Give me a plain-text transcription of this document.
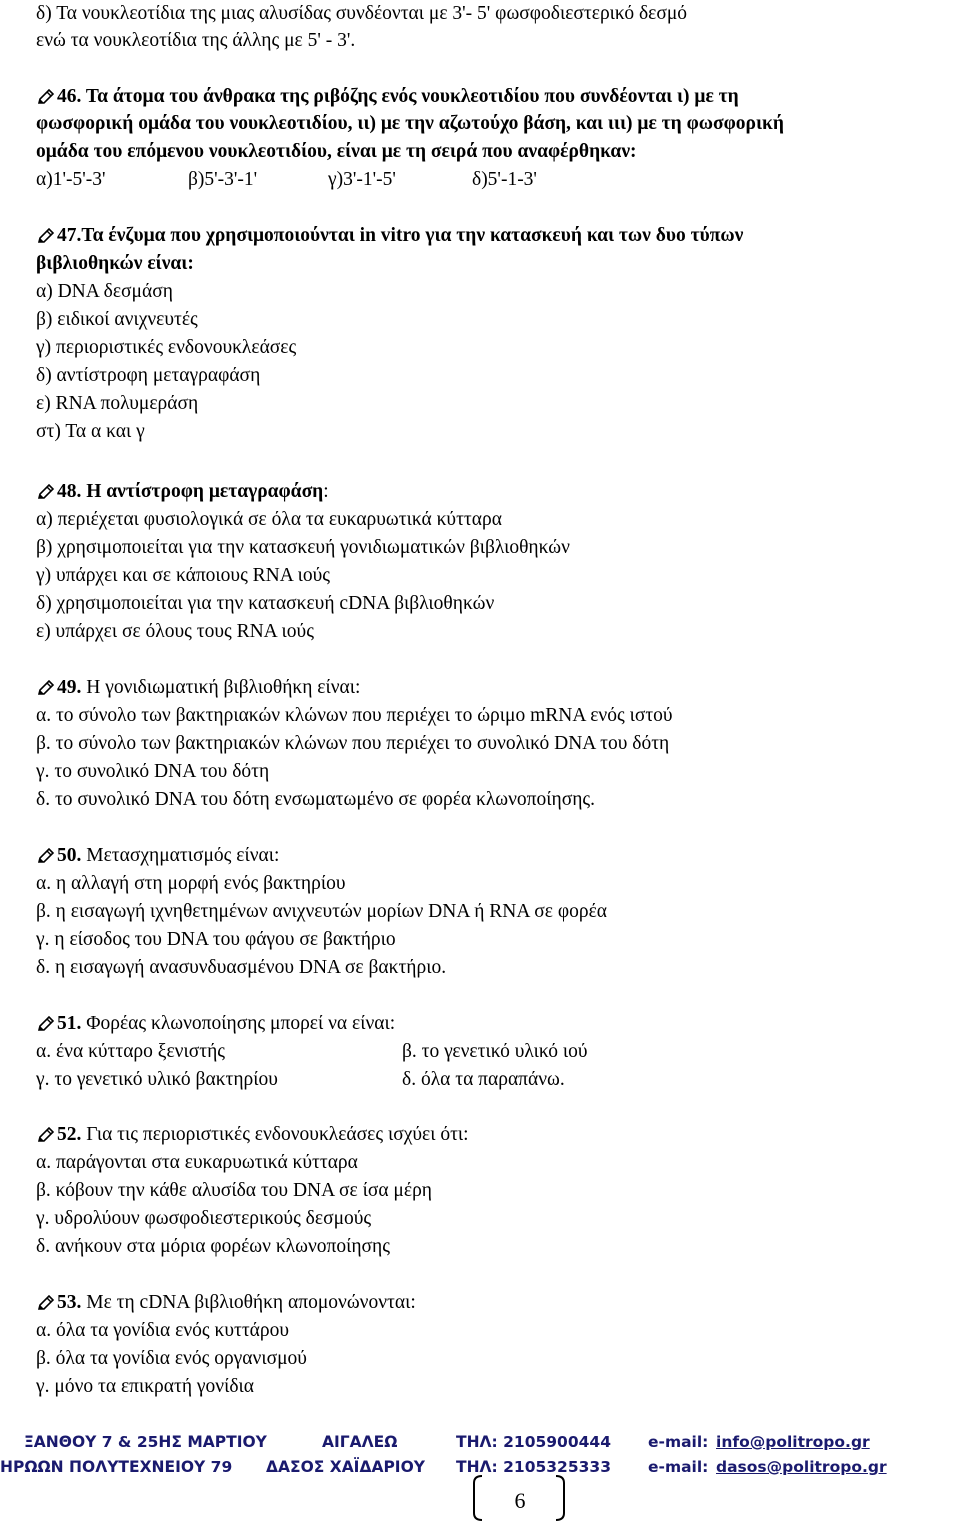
δ) Τα νουκλεοτίδια της μιας αλυσίδας συνδέονται με 3'- 5' φωσφοδιεστερικό δεσμό
ενώ τα νουκλεοτίδια της άλλης με 5' - 3'.
46. Τα άτομα του άνθρακα της ριβόζης ενός νουκλεοτιδίου που συνδέονται ι) με τη
φωσφορική ομάδα του νουκλεοτιδίου, ιι) με την αζωτούχο βάση, και ιιι) με τη φωσφορική
ομάδα του επόμενου νουκλεοτιδίου, είναι με τη σειρά που αναφέρθηκαν:
α)1'-5'-3'	β)5'-3'-1'	γ)3'-1'-5'	δ)5'-1-3'
47. Τα ένζυμα που χρησιμοποιούνται in vitro για την κατασκευή και των δυο τύπων
βιβλιοθηκών είναι:
α) DNA δεσμάση
β) ειδικοί ανιχνευτές
γ) περιοριστικές ενδονουκλεάσες
δ) αντίστροφη μεταγραφάση
ε) RNA πολυμεράση
στ) Τα α και γ
48. Η αντίστροφη μεταγραφάση :
α) περιέχεται φυσιολογικά σε όλα τα ευκαρυωτικά κύτταρα
β) χρησιμοποιείται για την κατασκευή γονιδιωματικών βιβλιοθηκών
γ) υπάρχει και σε κάποιους RNA ιούς
δ) χρησιμοποιείται για την κατασκευή cDNA βιβλιοθηκών
ε) υπάρχει σε όλους τους RNA ιούς
49. Η γονιδιωματική βιβλιοθήκη είναι:
α. το σύνολο των βακτηριακών κλώνων που περιέχει το ώριμο mRNA ενός ιστού
β. το σύνολο των βακτηριακών κλώνων που περιέχει το συνολικό DNA του δότη
γ. το συνολικό DNA του δότη
δ. το συνολικό DNA του δότη ενσωματωμένο σε φορέα κλωνοποίησης.
50. Μετασχηματισμός είναι:
α. η αλλαγή στη μορφή ενός βακτηρίου
β. η εισαγωγή ιχνηθετημένων ανιχνευτών μορίων DNA ή RNA σε φορέα
γ. η είσοδος του DNA του φάγου σε βακτήριο
δ. η εισαγωγή ανασυνδυασμένου DNA σε βακτήριο.
51. Φορέας κλωνοποίησης μπορεί να είναι:
α. ένα κύτταρο ξενιστής	β. το γενετικό υλικό ιού
γ. το γενετικό υλικό βακτηρίου	δ. όλα τα παραπάνω.
52. Για τις περιοριστικές ενδονουκλεάσες ισχύει ότι:
α. παράγονται στα ευκαρυωτικά κύτταρα
β. κόβουν την κάθε αλυσίδα του DNA σε ίσα μέρη
γ. υδρολύουν φωσφοδιεστερικούς δεσμούς
δ. ανήκουν στα μόρια φορέων κλωνοποίησης
53. Με τη cDNA βιβλιοθήκη απομονώνονται:
α. όλα τα γονίδια ενός κυττάρου
β. όλα τα γονίδια ενός οργανισμού
γ. μόνο τα επικρατή γονίδια
ΞΑΝΘΟΥ 7 & 25ΗΣ ΜΑΡΤΙΟΥ	ΑΙΓΑΛΕΩ	ΤΗΛ: 2105900444 e-mail: info@politropo.gr
ΗΡΩΩΝ ΠΟΛΥΤΕΧΝΕΙΟΥ 79 ΔΑΣΟΣ ΧΑΪΔΑΡΙΟΥ ΤΗΛ: 2105325333 e-mail: dasos@politropo.gr
6
